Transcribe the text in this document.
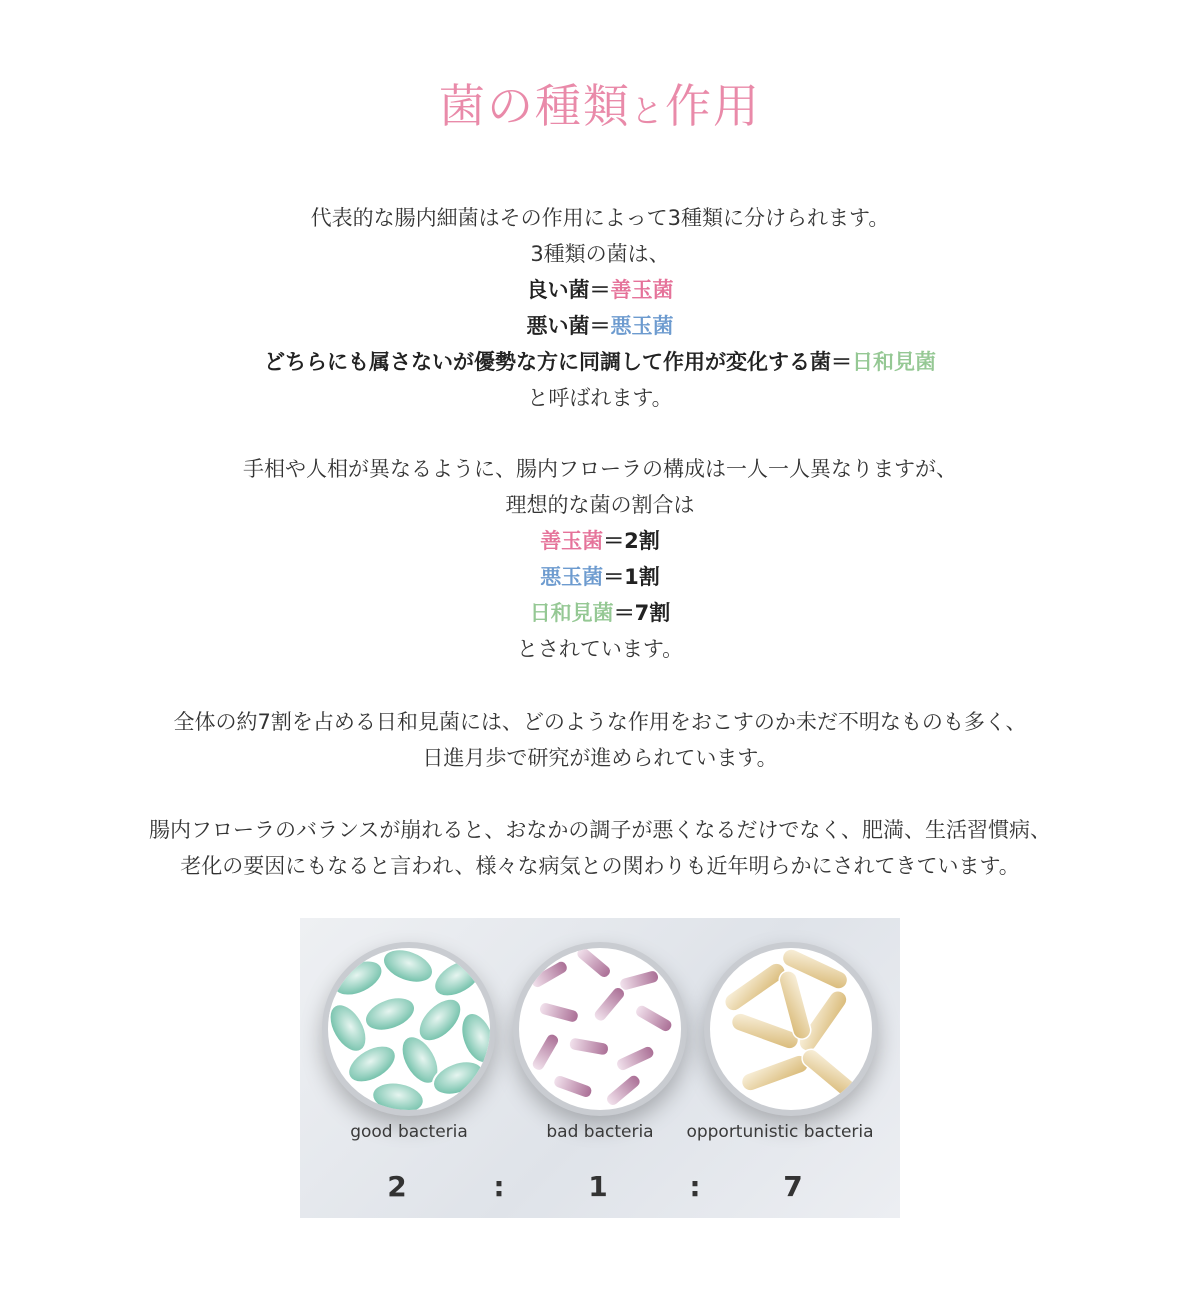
菌の種類と作用
代表的な腸内細菌はその作用によって3種類に分けられます。
3種類の菌は、
良い菌＝善玉菌
悪い菌＝悪玉菌
どちらにも属さないが優勢な方に同調して作用が変化する菌＝日和見菌
と呼ばれます。
手相や人相が異なるように、腸内フローラの構成は一人一人異なりますが、
理想的な菌の割合は
善玉菌＝2割
悪玉菌＝1割
日和見菌＝7割
とされています。
全体の約7割を占める日和見菌には、どのような作用をおこすのか未だ不明なものも多く、
日進月歩で研究が進められています。
腸内フローラのバランスが崩れると、おなかの調子が悪くなるだけでなく、肥満、生活習慣病、
老化の要因にもなると言われ、様々な病気との関わりも近年明らかにされてきています。
good bacteria	bad bacteria	opportunistic bacteria
2	:	1	:	7
